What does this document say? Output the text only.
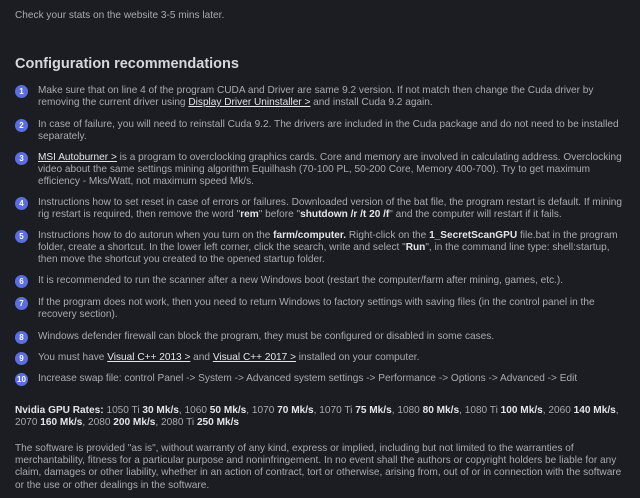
Check your stats on the website 3-5 mins later.
Configuration recommendations
1	Make sure that on line 4 of the program CUDA and Driver are same 9.2 version. If not match then change the Cuda driver by removing the current driver using Display Driver Uninstaller > and install Cuda 9.2 again.
2	In case of failure, you will need to reinstall Cuda 9.2. The drivers are included in the Cuda package and do not need to be installed separately.
3	MSI Autoburner > is a program to overclocking graphics cards. Core and memory are involved in calculating address. Overclocking video about the same settings mining algorithm Equilhash (70-100 PL, 50-200 Core, Memory 400-700). Try to get maximum efficiency - Mks/Watt, not maximum speed Mk/s.
4	Instructions how to set reset in case of errors or failures. Downloaded version of the bat file, the program restart is default. If mining rig restart is required, then remove the word "rem" before "shutdown /r /t 20 /f" and the computer will restart if it fails.
5	Instructions how to do autorun when you turn on the farm/computer. Right-click on the 1_SecretScanGPU file.bat in the program folder, create a shortcut. In the lower left corner, click the search, write and select "Run", in the command line type: shell:startup, then move the shortcut you created to the opened startup folder.
6	It is recommended to run the scanner after a new Windows boot (restart the computer/farm after mining, games, etc.).
7	If the program does not work, then you need to return Windows to factory settings with saving files (in the control panel in the recovery section).
8	Windows defender firewall can block the program, they must be configured or disabled in some cases.
9	You must have Visual C++ 2013 > and Visual C++ 2017 > installed on your computer.
10 Increase swap file: control Panel -> System -> Advanced system settings -> Performance -> Options -> Advanced -> Edit
Nvidia GPU Rates: 1050 Ti 30 Mk/s, 1060 50 Mk/s, 1070 70 Mk/s, 1070 Ti 75 Mk/s, 1080 80 Mk/s, 1080 Ti 100 Mk/s, 2060 140 Mk/s, 2070 160 Mk/s, 2080 200 Mk/s, 2080 Ti 250 Mk/s
The software is provided "as is", without warranty of any kind, express or implied, including but not limited to the warranties of merchantability, fitness for a particular purpose and noninfringement. In no event shall the authors or copyright holders be liable for any claim, damages or other liability, whether in an action of contract, tort or otherwise, arising from, out of or in connection with the software or the use or other dealings in the software.
